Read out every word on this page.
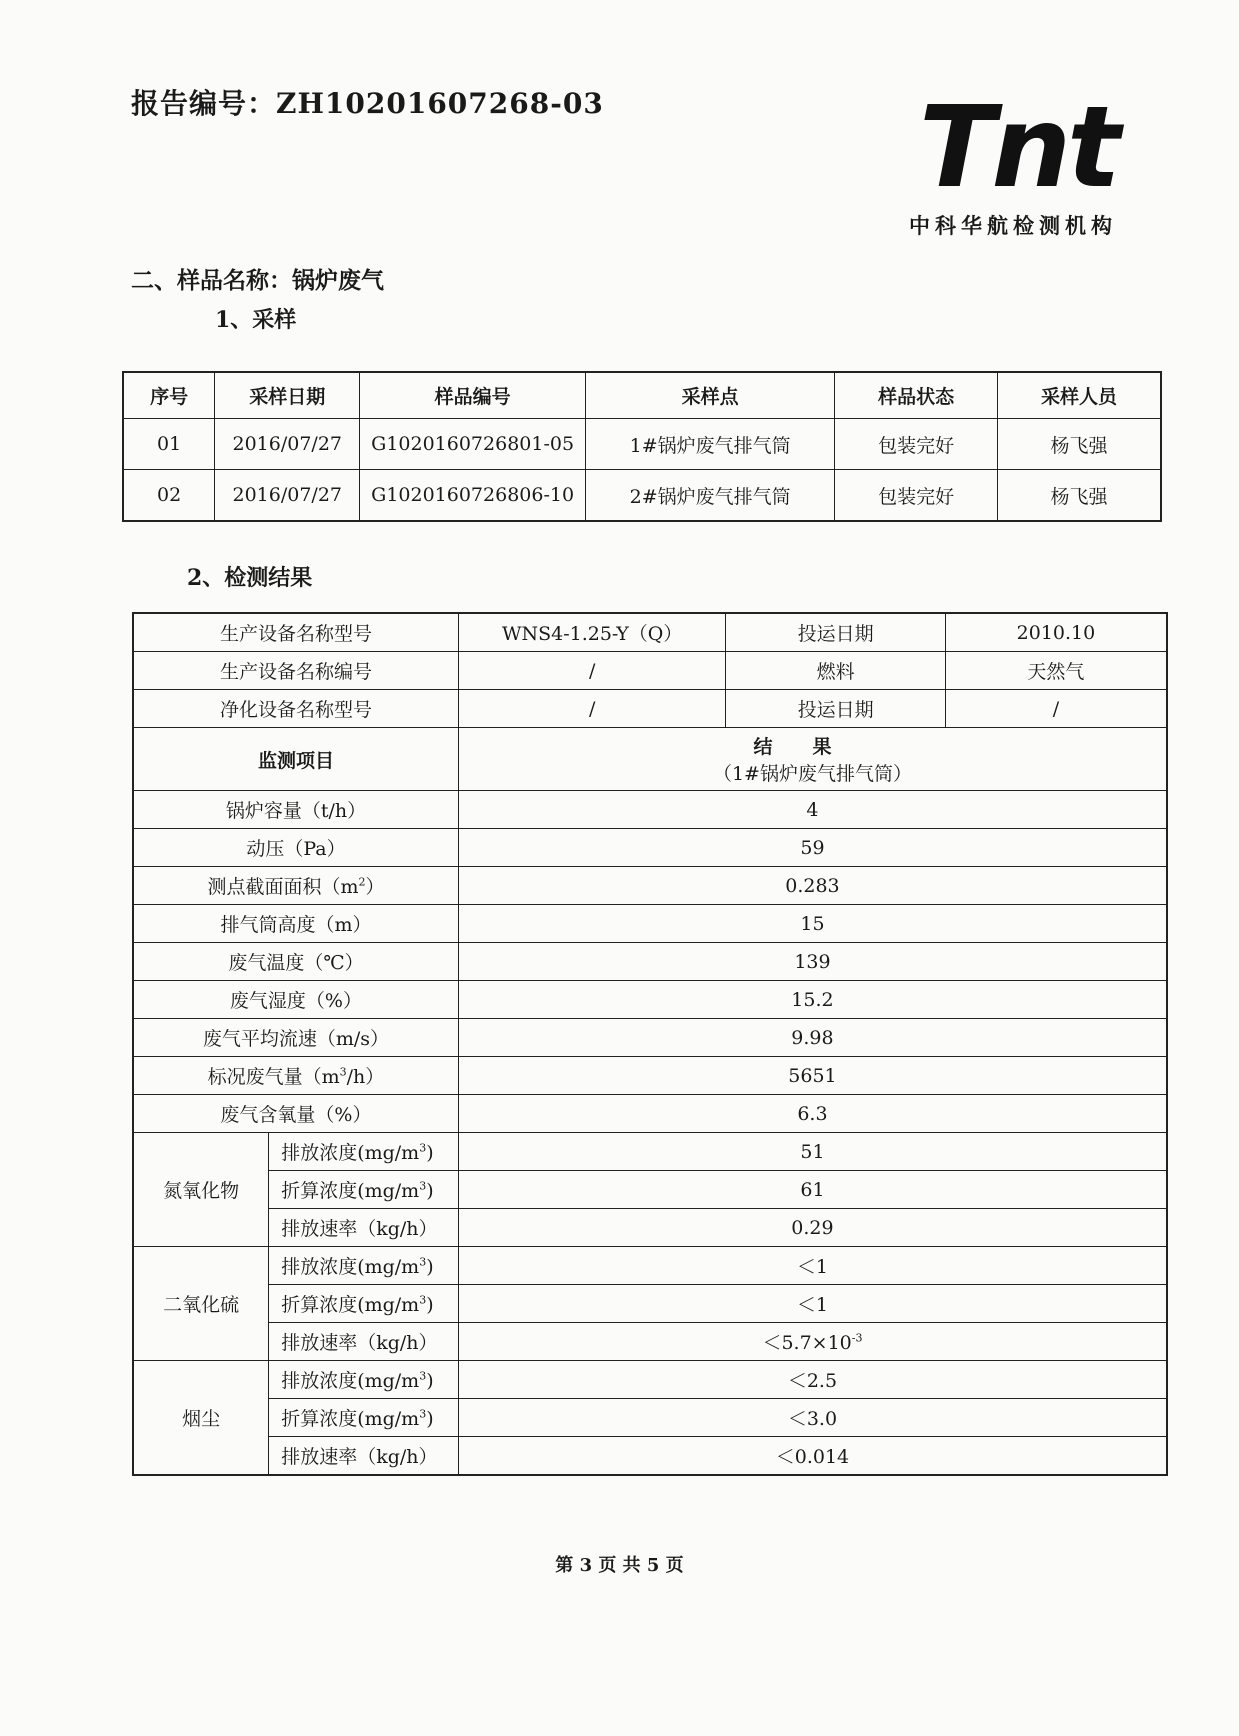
报告编号：ZH10201607268-03	Tnt
中科华航检测机构
二、样品名称：锅炉废气
1、采样
序号	采样日期	样品编号	采样点	样品状态	采样人员
01	2016/07/27	G1020160726801-05	1#锅炉废气排气筒	包装完好	杨飞强
02	2016/07/27	G1020160726806-10	2#锅炉废气排气筒	包装完好	杨飞强
2、检测结果
生产设备名称型号		WNS4-1.25-Y（Q）	投运日期	2010.10
生产设备名称编号		/	燃料	天然气
净化设备名称型号		/	投运日期	/
监测项目		结果
（1#锅炉废气排气筒）		

锅炉容量（t/h）		4		
动压（Pa）		59		
测点截面面积$(m^2)$		0.283		
排气筒高度（m）		15		
废气温度（℃）		139		
废气湿度（%）		15.2		
废气平均流速（m/s）		9.98		
标况废气量$(m^3/h)$		5651		
废气含氧量（%）		6.3		
氮氧化物	排放浓度$(mg/m^3)$	51		
	折算浓度$(mg/m^3)$	61		
	排放速率（kg/h）	0.29		
二氧化硫	排放浓度$(mg/m^3)$	＜1		
	折算浓度$(mg/m^3)$	＜1		
	排放速率（kg/h）	$<5.7\times 10^{-3}$
烟尘	排放浓度$(mg/m^3)$	＜2.5		
	折算浓度$(mg/m^3)$	＜3.0		
	排放速率（kg/h）	＜0.014		
第 3 页 共 5 页
